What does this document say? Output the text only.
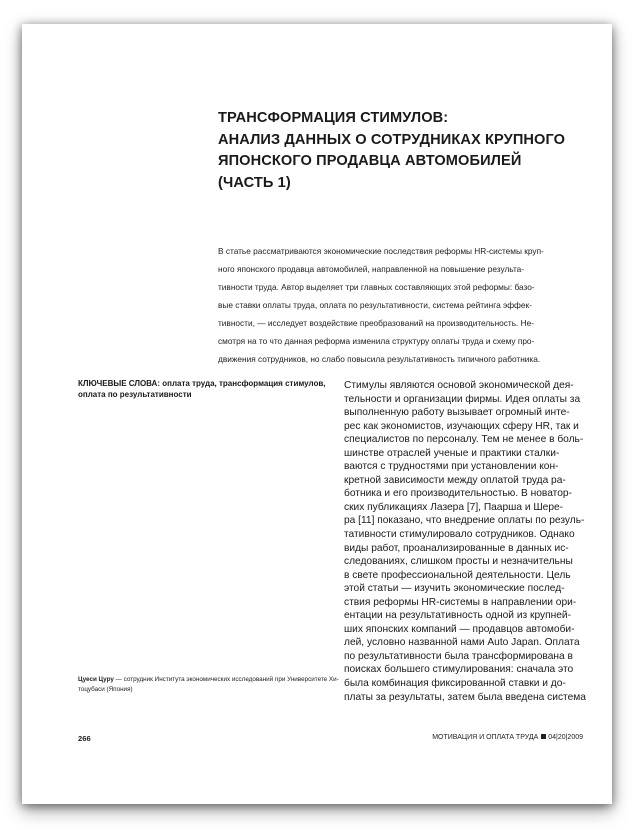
ТРАНСФОРМАЦИЯ СТИМУЛОВ:
АНАЛИЗ ДАННЫХ О СОТРУДНИКАХ КРУПНОГО
ЯПОНСКОГО ПРОДАВЦА АВТОМОБИЛЕЙ
(ЧАСТЬ 1)

В статье рассматриваются экономические последствия реформы HR-системы круп-
ного японского продавца автомобилей, направленной на повышение результа-
тивности труда. Автор выделяет три главных составляющих этой реформы: базо-
вые ставки оплаты труда, оплата по результативности, система рейтинга эффек-
тивности, — исследует воздействие преобразований на производительность. Не-
смотря на то что данная реформа изменила структуру оплаты труда и схему про-
движения сотрудников, но слабо повысила результативность типичного работника.

КЛЮЧЕВЫЕ СЛОВА: оплата труда, трансформация стимулов,
оплата по результативности

Стимулы являются основой экономической дея-
тельности и организации фирмы. Идея оплаты за
выполненную работу вызывает огромный инте-
рес как экономистов, изучающих сферу HR, так и
специалистов по персоналу. Тем не менее в боль-
шинстве отраслей ученые и практики сталки-
ваются с трудностями при установлении кон-
кретной зависимости между оплатой труда ра-
ботника и его производительностью. В новатор-
ских публикациях Лазера [7], Пааршa и Шере-
ра [11] показано, что внедрение оплаты по резуль-
тативности стимулировало сотрудников. Однако
виды работ, проанализированные в данных ис-
следованиях, слишком просты и незначительны
в свете профессиональной деятельности. Цель
этой статьи — изучить экономические послед-
ствия реформы HR-системы в направлении ори-
ентации на результативность одной из крупней-
ших японских компаний — продавцов автомоби-
лей, условно названной нами Auto Japan. Оплата
по результативности была трансформирована в
поисках большего стимулирования: сначала это
была комбинация фиксированной ставки и до-
платы за результаты, затем была введена система

Цуеси Цуру — сотрудник Института экономических исследований при Университете Хи-
тоцубаси (Япония)

266	МОТИВАЦИЯ И ОПЛАТА ТРУДА 04|20|2009
